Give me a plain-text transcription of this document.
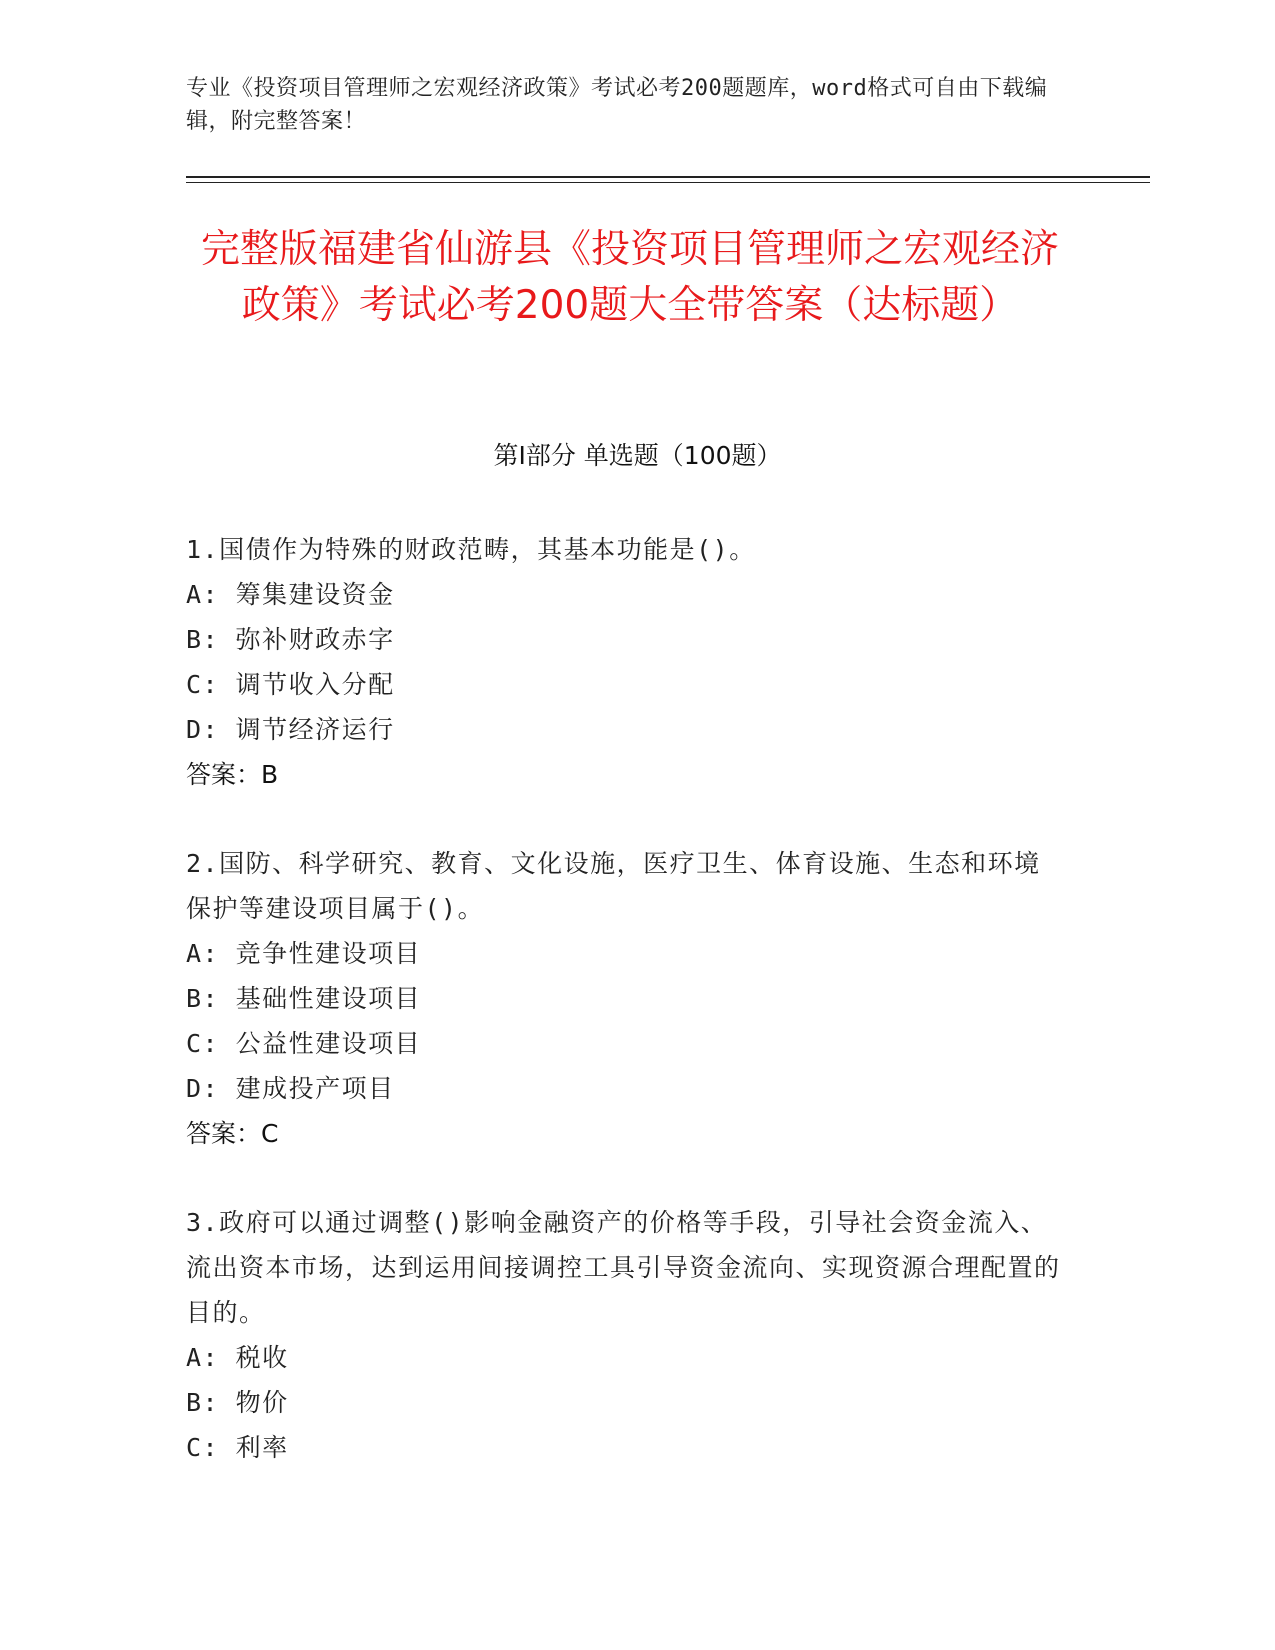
专业《投资项目管理师之宏观经济政策》考试必考200题题库，word格式可自由下载编辑，附完整答案！
完整版福建省仙游县《投资项目管理师之宏观经济政策》考试必考200题大全带答案（达标题）
第I部分 单选题（100题）
1.国债作为特殊的财政范畴，其基本功能是()。
A: 筹集建设资金
B: 弥补财政赤字
C: 调节收入分配
D: 调节经济运行
答案：B
2.国防、科学研究、教育、文化设施，医疗卫生、体育设施、生态和环境保护等建设项目属于()。
A: 竞争性建设项目
B: 基础性建设项目
C: 公益性建设项目
D: 建成投产项目
答案：C
3.政府可以通过调整()影响金融资产的价格等手段，引导社会资金流入、流出资本市场，达到运用间接调控工具引导资金流向、实现资源合理配置的目的。
A: 税收
B: 物价
C: 利率
